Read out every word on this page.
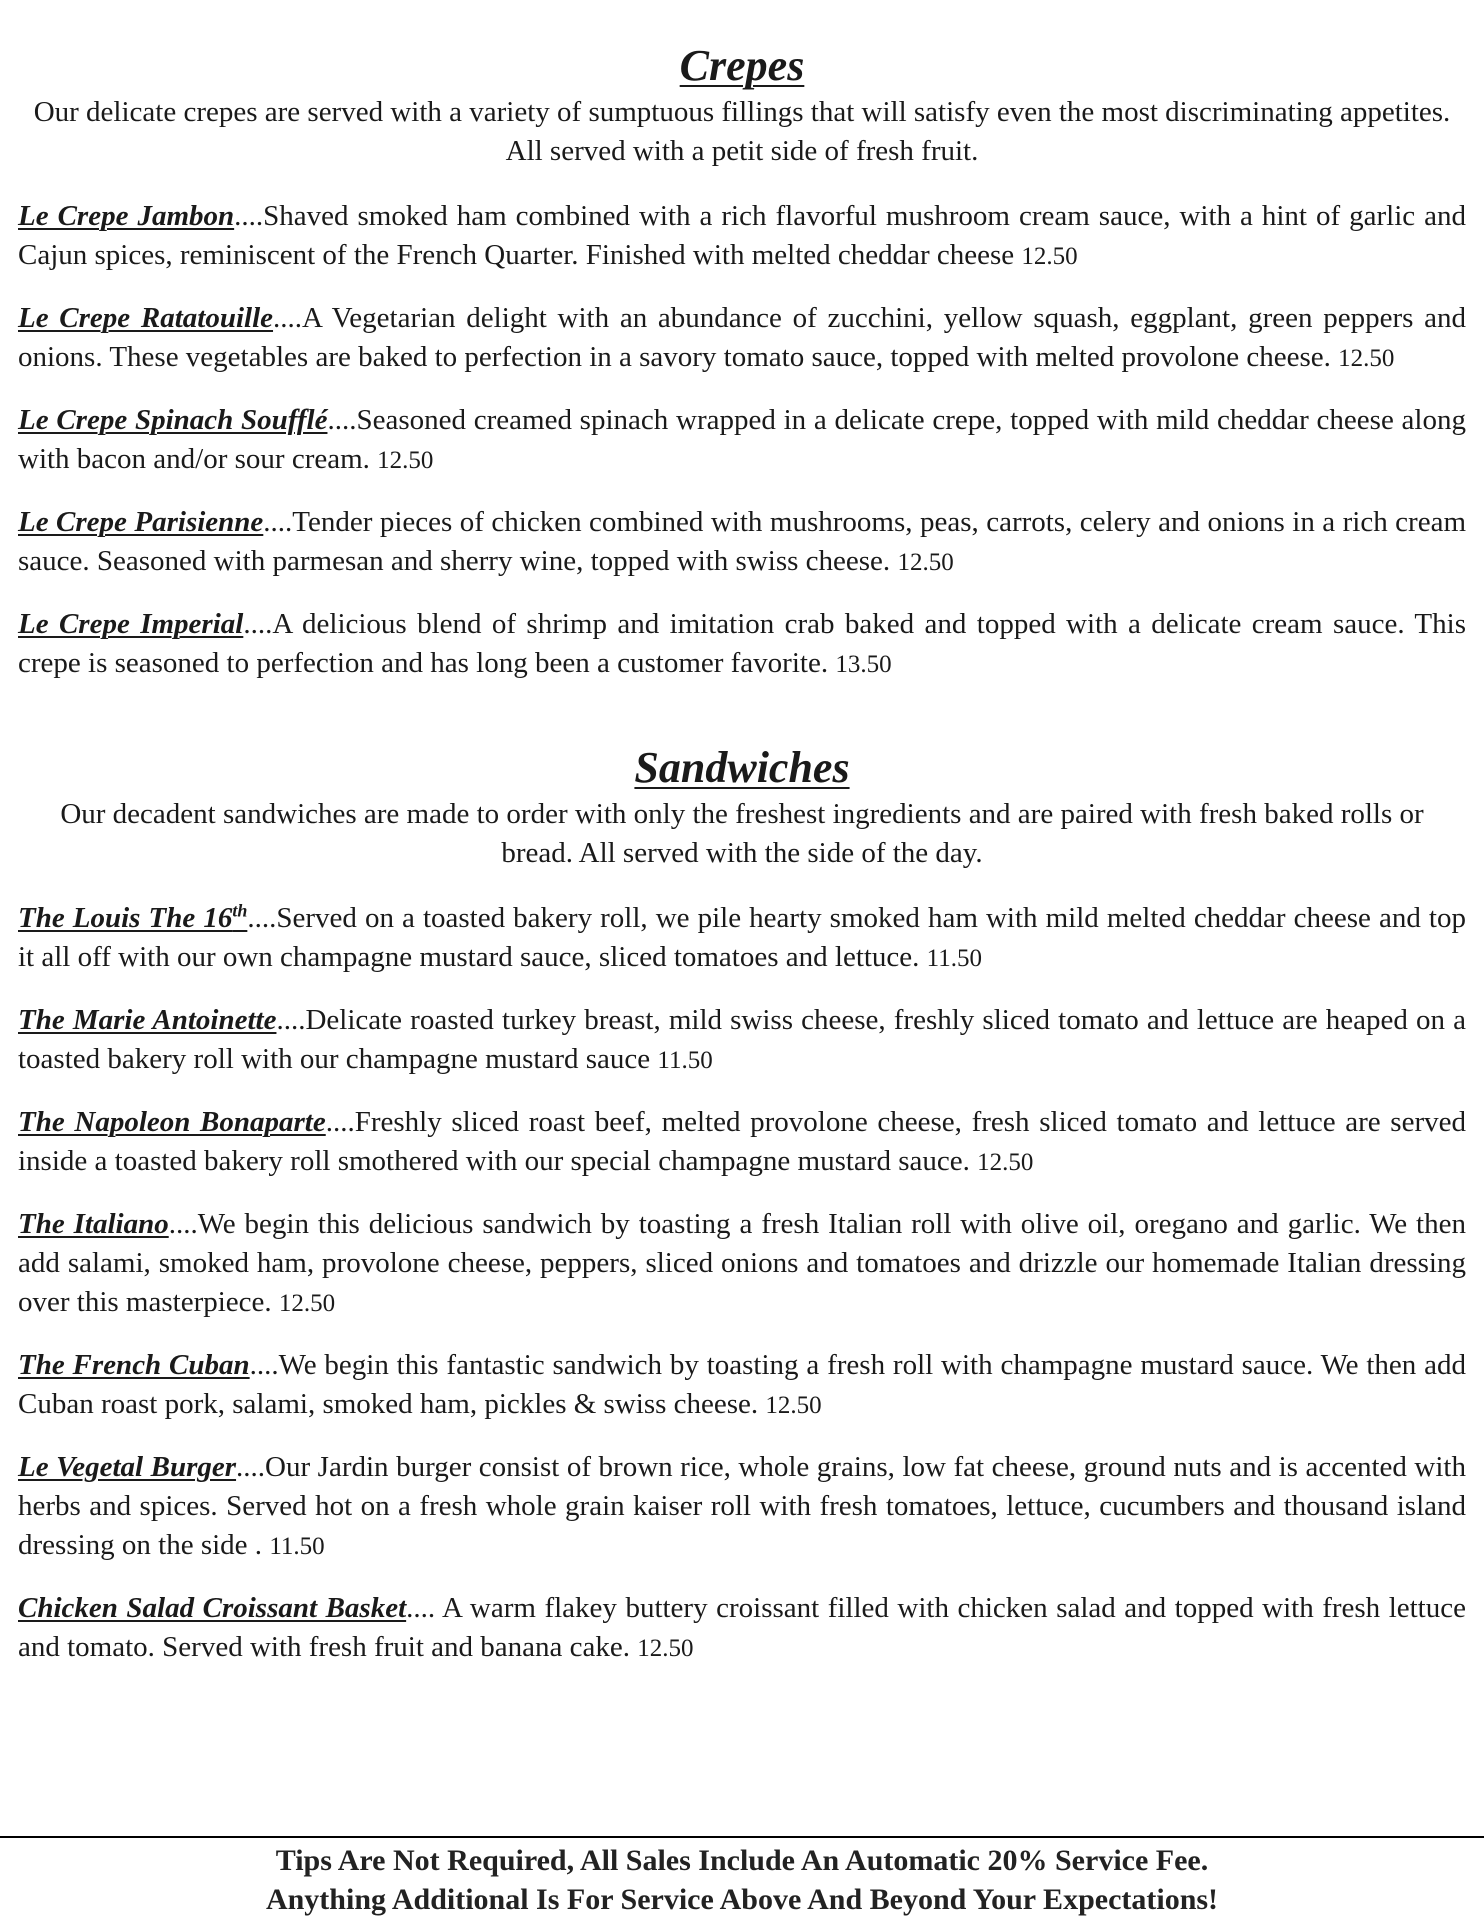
Crepes

Our delicate crepes are served with a variety of sumptuous fillings that will satisfy even the most discriminating appetites. All served with a petit side of fresh fruit.

Le Crepe Jambon....Shaved smoked ham combined with a rich flavorful mushroom cream sauce, with a hint of garlic and Cajun spices, reminiscent of the French Quarter. Finished with melted cheddar cheese 12.50

Le Crepe Ratatouille....A Vegetarian delight with an abundance of zucchini, yellow squash, eggplant, green peppers and onions. These vegetables are baked to perfection in a savory tomato sauce, topped with melted provolone cheese. 12.50

Le Crepe Spinach Soufflé....Seasoned creamed spinach wrapped in a delicate crepe, topped with mild cheddar cheese along with bacon and/or sour cream. 12.50

Le Crepe Parisienne....Tender pieces of chicken combined with mushrooms, peas, carrots, celery and onions in a rich cream sauce. Seasoned with parmesan and sherry wine, topped with swiss cheese. 12.50

Le Crepe Imperial....A delicious blend of shrimp and imitation crab baked and topped with a delicate cream sauce. This crepe is seasoned to perfection and has long been a customer favorite. 13.50

Sandwiches

Our decadent sandwiches are made to order with only the freshest ingredients and are paired with fresh baked rolls or bread. All served with the side of the day.

The Louis The 16th....Served on a toasted bakery roll, we pile hearty smoked ham with mild melted cheddar cheese and top it all off with our own champagne mustard sauce, sliced tomatoes and lettuce. 11.50

The Marie Antoinette....Delicate roasted turkey breast, mild swiss cheese, freshly sliced tomato and lettuce are heaped on a toasted bakery roll with our champagne mustard sauce 11.50

The Napoleon Bonaparte....Freshly sliced roast beef, melted provolone cheese, fresh sliced tomato and lettuce are served inside a toasted bakery roll smothered with our special champagne mustard sauce. 12.50

The Italiano....We begin this delicious sandwich by toasting a fresh Italian roll with olive oil, oregano and garlic. We then add salami, smoked ham, provolone cheese, peppers, sliced onions and tomatoes and drizzle our homemade Italian dressing over this masterpiece. 12.50

The French Cuban....We begin this fantastic sandwich by toasting a fresh roll with champagne mustard sauce. We then add Cuban roast pork, salami, smoked ham, pickles & swiss cheese. 12.50

Le Vegetal Burger....Our Jardin burger consist of brown rice, whole grains, low fat cheese, ground nuts and is accented with herbs and spices. Served hot on a fresh whole grain kaiser roll with fresh tomatoes, lettuce, cucumbers and thousand island dressing on the side . 11.50

Chicken Salad Croissant Basket.... A warm flakey buttery croissant filled with chicken salad and topped with fresh lettuce and tomato. Served with fresh fruit and banana cake. 12.50

Tips Are Not Required, All Sales Include An Automatic 20% Service Fee.
Anything Additional Is For Service Above And Beyond Your Expectations!
